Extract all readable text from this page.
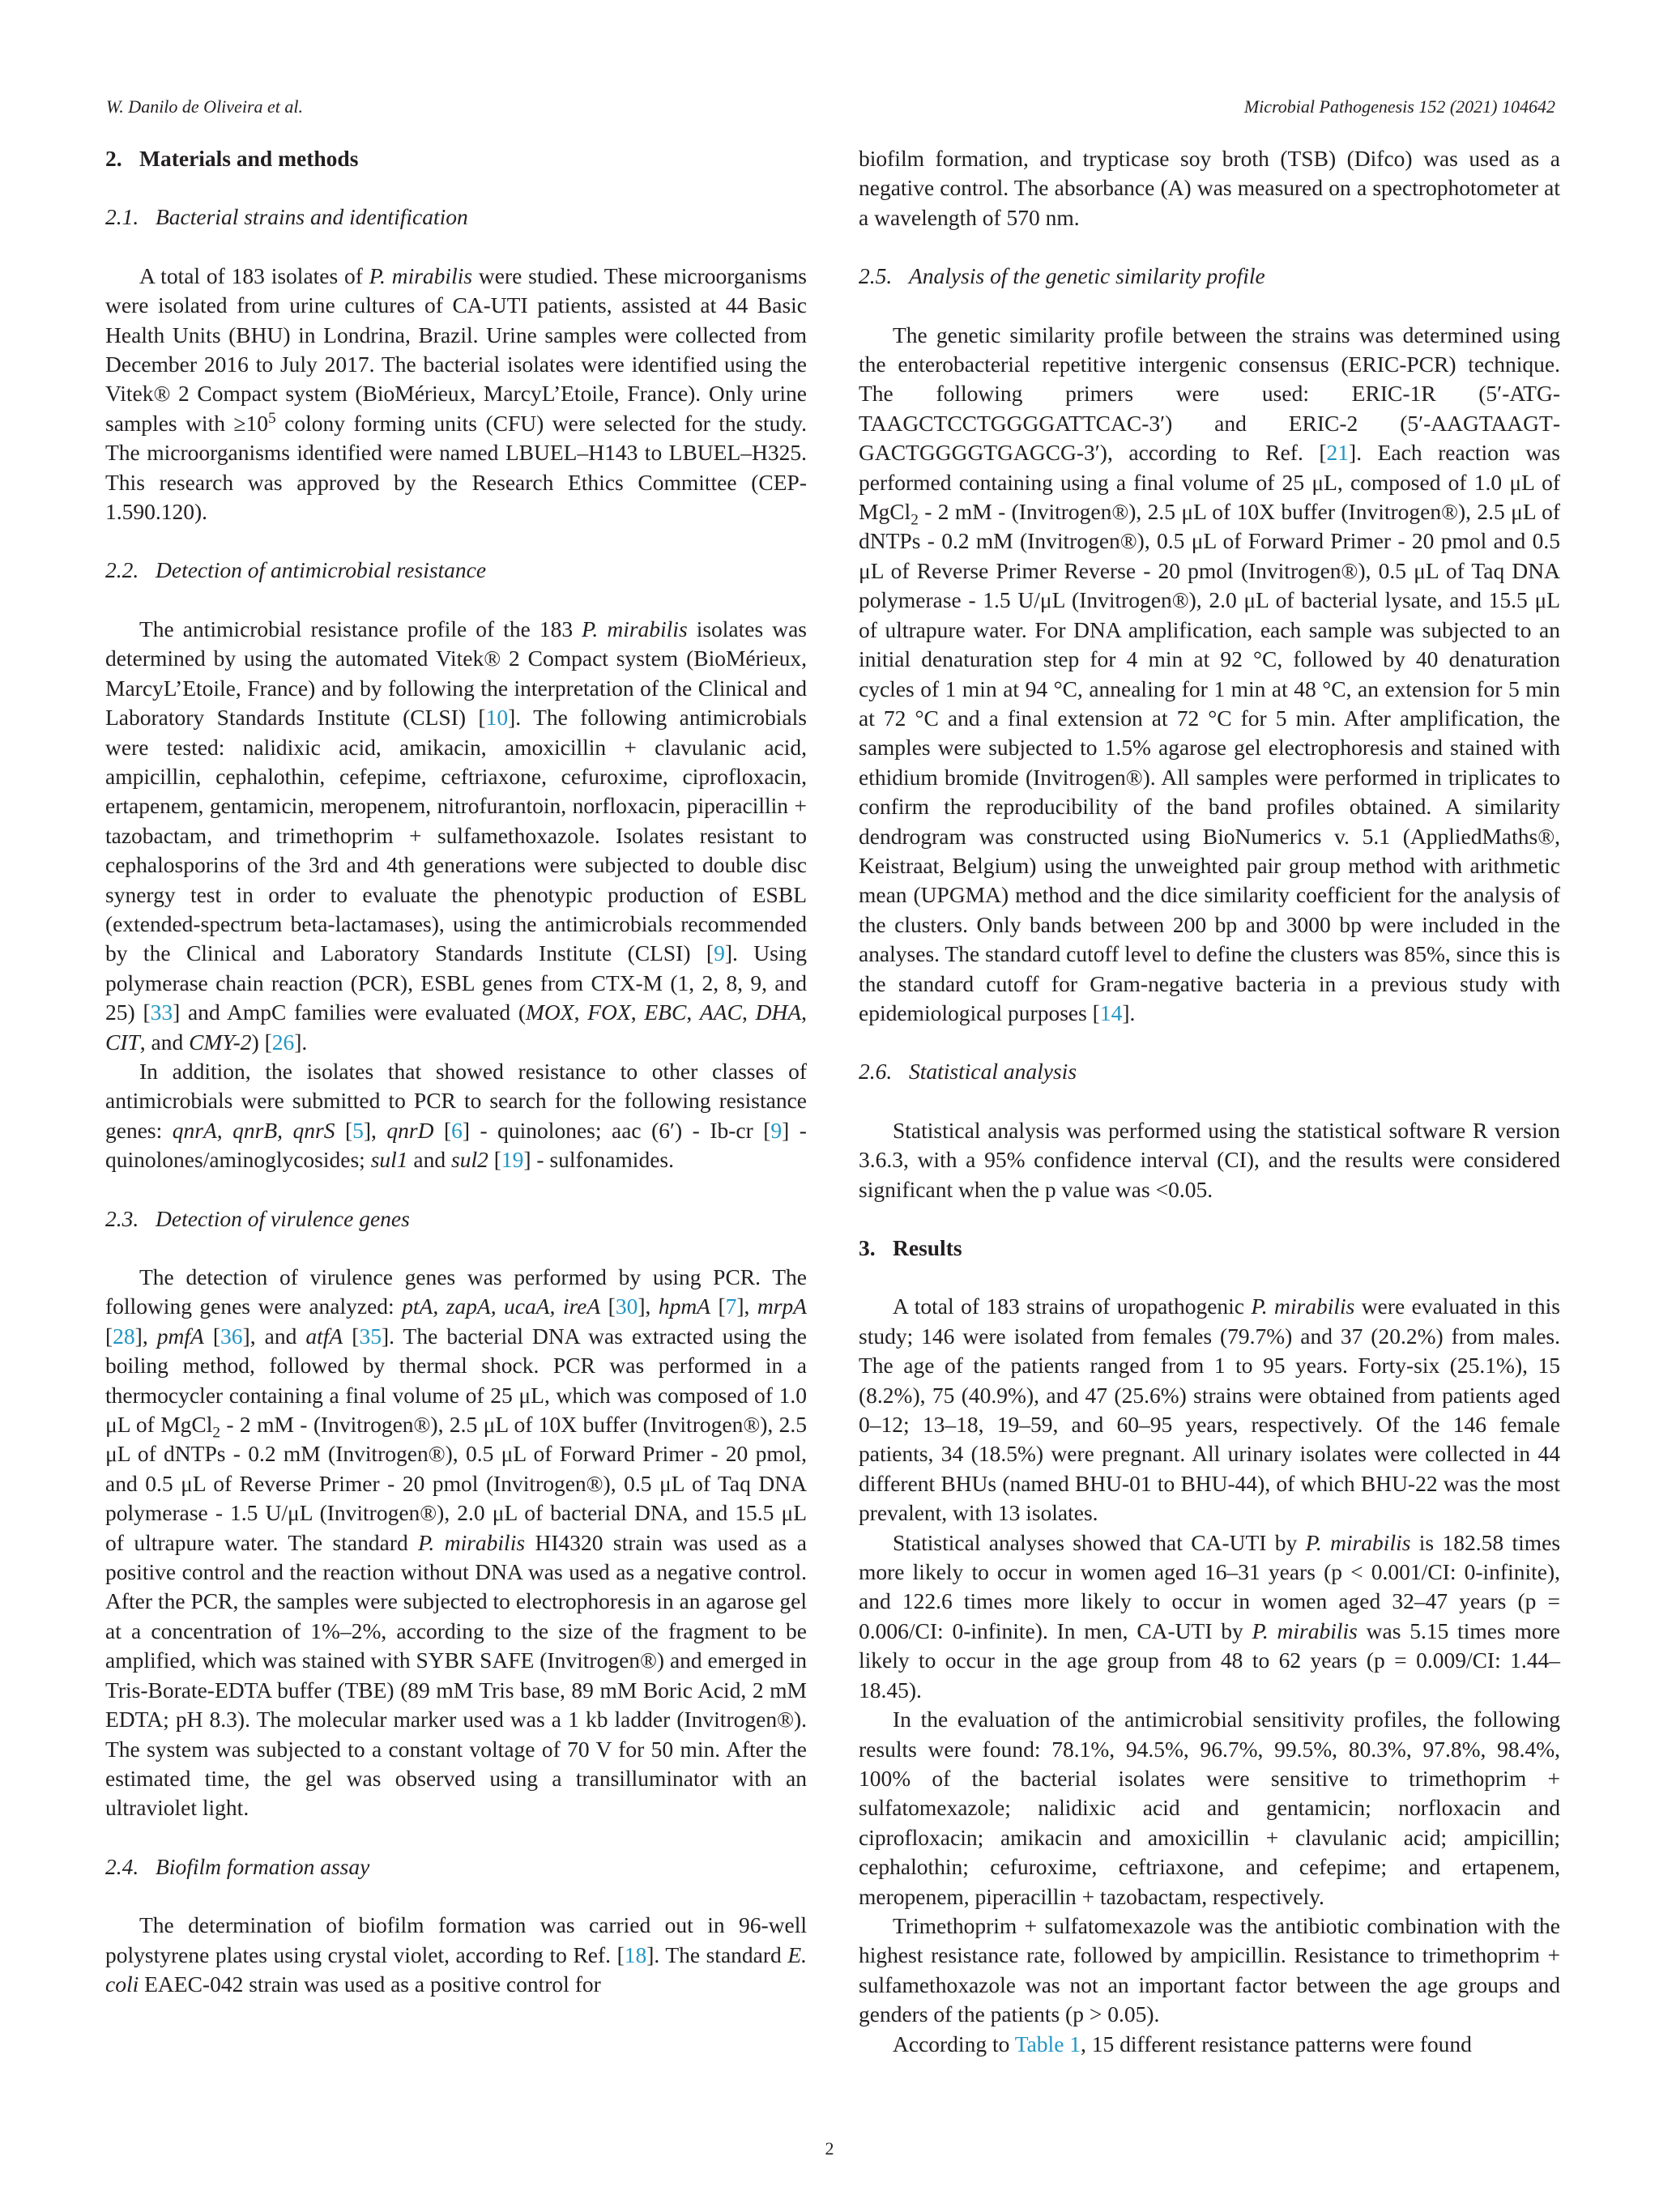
W. Danilo de Oliveira et al.	Microbial Pathogenesis 152 (2021) 104642
2. Materials and methods
2.1. Bacterial strains and identification

A total of 183 isolates of P. mirabilis were studied. These microorganisms were isolated from urine cultures of CA-UTI patients, assisted at 44 Basic Health Units (BHU) in Londrina, Brazil. Urine samples were collected from December 2016 to July 2017. The bacterial isolates were identified using the Vitek® 2 Compact system (BioMérieux, MarcyL’Etoile, France). Only urine samples with $\ge 10^5$ colony forming units (CFU) were selected for the study. The microorganisms identified were named LBUEL–H143 to LBUEL–H325. This research was approved by the Research Ethics Committee (CEP-1.590.120).

2.2. Detection of antimicrobial resistance

The antimicrobial resistance profile of the 183 P. mirabilis isolates was determined by using the automated Vitek® 2 Compact system (BioMérieux, MarcyL’Etoile, France) and by following the interpretation of the Clinical and Laboratory Standards Institute (CLSI) [10]. The following antimicrobials were tested: nalidixic acid, amikacin, amoxicillin + clavulanic acid, ampicillin, cephalothin, cefepime, ceftriaxone, cefuroxime, ciprofloxacin, ertapenem, gentamicin, meropenem, nitrofurantoin, norfloxacin, piperacillin + tazobactam, and trimethoprim + sulfamethoxazole. Isolates resistant to cephalosporins of the 3rd and 4th generations were subjected to double disc synergy test in order to evaluate the phenotypic production of ESBL (extended-spectrum beta-lactamases), using the antimicrobials recommended by the Clinical and Laboratory Standards Institute (CLSI) [9]. Using polymerase chain reaction (PCR), ESBL genes from CTX-M (1, 2, 8, 9, and 25) [33] and AmpC families were evaluated (MOX, FOX, EBC, AAC, DHA, CIT, and CMY-2) [26].

In addition, the isolates that showed resistance to other classes of antimicrobials were submitted to PCR to search for the following resistance genes: qnrA, qnrB, qnrS [5], qnrD [6] - quinolones; aac (6′) - Ib-cr [9] - quinolones/aminoglycosides; sul1 and sul2 [19] - sulfonamides.

2.3. Detection of virulence genes

The detection of virulence genes was performed by using PCR. The following genes were analyzed: ptA, zapA, ucaA, ireA [30], hpmA [7], mrpA [28], pmfA [36], and atfA [35]. The bacterial DNA was extracted using the boiling method, followed by thermal shock. PCR was performed in a thermocycler containing a final volume of 25 μL, which was composed of 1.0 μL of MgCl$_2$ - 2 mM - (Invitrogen®), 2.5 μL of 10X buffer (Invitrogen®), 2.5 μL of dNTPs - 0.2 mM (Invitrogen®), 0.5 μL of Forward Primer - 20 pmol, and 0.5 μL of Reverse Primer - 20 pmol (Invitrogen®), 0.5 μL of Taq DNA polymerase - 1.5 U/μL (Invitrogen®), 2.0 μL of bacterial DNA, and 15.5 μL of ultrapure water. The standard P. mirabilis HI4320 strain was used as a positive control and the reaction without DNA was used as a negative control. After the PCR, the samples were subjected to electrophoresis in an agarose gel at a concentration of 1%–2%, according to the size of the fragment to be amplified, which was stained with SYBR SAFE (Invitrogen®) and emerged in Tris-Borate-EDTA buffer (TBE) (89 mM Tris base, 89 mM Boric Acid, 2 mM EDTA; pH 8.3). The molecular marker used was a 1 kb ladder (Invitrogen®). The system was subjected to a constant voltage of 70 V for 50 min. After the estimated time, the gel was observed using a transilluminator with an ultraviolet light.

2.4. Biofilm formation assay

The determination of biofilm formation was carried out in 96-well polystyrene plates using crystal violet, according to Ref. [18]. The standard E. coli EAEC-042 strain was used as a positive control for

biofilm formation, and trypticase soy broth (TSB) (Difco) was used as a negative control. The absorbance (A) was measured on a spectrophotometer at a wavelength of 570 nm.

2.5. Analysis of the genetic similarity profile

The genetic similarity profile between the strains was determined using the enterobacterial repetitive intergenic consensus (ERIC-PCR) technique. The following primers were used: ERIC-1R (5′-ATGTAAGCTCCTGGGGATTCAC-3′) and ERIC-2 (5′-AAGTAAGTGACTGGGGTGAGCG-3′), according to Ref. [21]. Each reaction was performed containing using a final volume of 25 μL, composed of 1.0 μL of MgCl$_2$ - 2 mM - (Invitrogen®), 2.5 μL of 10X buffer (Invitrogen®), 2.5 μL of dNTPs - 0.2 mM (Invitrogen®), 0.5 μL of Forward Primer - 20 pmol and 0.5 μL of Reverse Primer Reverse - 20 pmol (Invitrogen®), 0.5 μL of Taq DNA polymerase - 1.5 U/μL (Invitrogen®), 2.0 μL of bacterial lysate, and 15.5 μL of ultrapure water. For DNA amplification, each sample was subjected to an initial denaturation step for 4 min at 92 °C, followed by 40 denaturation cycles of 1 min at 94 °C, annealing for 1 min at 48 °C, an extension for 5 min at 72 °C and a final extension at 72 °C for 5 min. After amplification, the samples were subjected to 1.5% agarose gel electrophoresis and stained with ethidium bromide (Invitrogen®). All samples were performed in triplicates to confirm the reproducibility of the band profiles obtained. A similarity dendrogram was constructed using BioNumerics v. 5.1 (AppliedMaths®, Keistraat, Belgium) using the unweighted pair group method with arithmetic mean (UPGMA) method and the dice similarity coefficient for the analysis of the clusters. Only bands between 200 bp and 3000 bp were included in the analyses. The standard cutoff level to define the clusters was 85%, since this is the standard cutoff for Gram-negative bacteria in a previous study with epidemiological purposes [14].

2.6. Statistical analysis

Statistical analysis was performed using the statistical software R version 3.6.3, with a 95% confidence interval (CI), and the results were considered significant when the p value was <0.05.

3. Results

A total of 183 strains of uropathogenic P. mirabilis were evaluated in this study; 146 were isolated from females (79.7%) and 37 (20.2%) from males. The age of the patients ranged from 1 to 95 years. Forty-six (25.1%), 15 (8.2%), 75 (40.9%), and 47 (25.6%) strains were obtained from patients aged 0–12; 13–18, 19–59, and 60–95 years, respectively. Of the 146 female patients, 34 (18.5%) were pregnant. All urinary isolates were collected in 44 different BHUs (named BHU-01 to BHU-44), of which BHU-22 was the most prevalent, with 13 isolates.

Statistical analyses showed that CA-UTI by P. mirabilis is 182.58 times more likely to occur in women aged 16–31 years (p < 0.001/CI: 0-infinite), and 122.6 times more likely to occur in women aged 32–47 years (p = 0.006/CI: 0-infinite). In men, CA-UTI by P. mirabilis was 5.15 times more likely to occur in the age group from 48 to 62 years (p = 0.009/CI: 1.44–18.45).

In the evaluation of the antimicrobial sensitivity profiles, the following results were found: 78.1%, 94.5%, 96.7%, 99.5%, 80.3%, 97.8%, 98.4%, 100% of the bacterial isolates were sensitive to trimethoprim + sulfatomexazole; nalidixic acid and gentamicin; norfloxacin and ciprofloxacin; amikacin and amoxicillin + clavulanic acid; ampicillin; cephalothin; cefuroxime, ceftriaxone, and cefepime; and ertapenem, meropenem, piperacillin + tazobactam, respectively.

Trimethoprim + sulfatomexazole was the antibiotic combination with the highest resistance rate, followed by ampicillin. Resistance to trimethoprim + sulfamethoxazole was not an important factor between the age groups and genders of the patients (p > 0.05).

According to Table 1, 15 different resistance patterns were found

2
